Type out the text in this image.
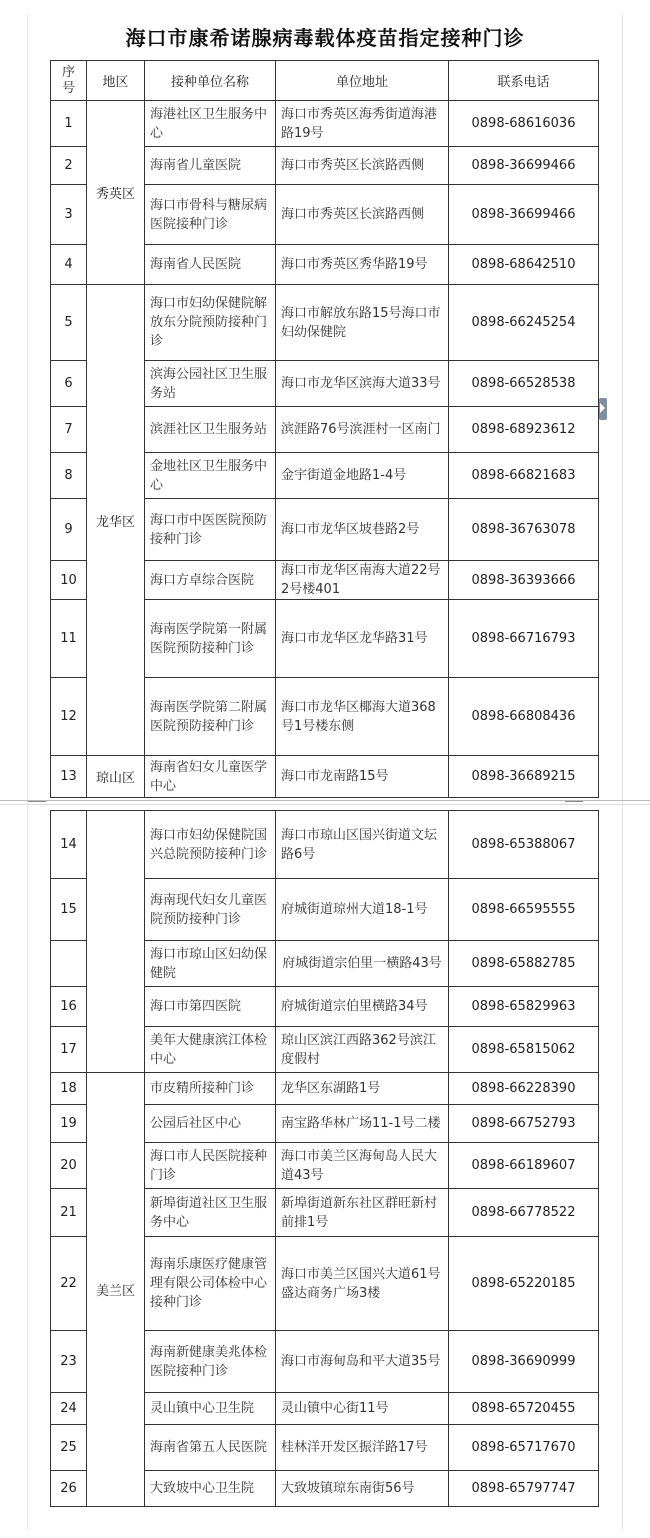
海口市康希诺腺病毒载体疫苗指定接种门诊
序号	地区	接种单位名称	单位地址	联系电话
1	秀英区	海港社区卫生服务中心	海口市秀英区海秀街道海港路19号	0898-68616036
2		海南省儿童医院	海口市秀英区长滨路西侧	0898-36699466
3		海口市骨科与糖尿病医院接种门诊	海口市秀英区长滨路西侧	0898-36699466
4		海南省人民医院	海口市秀英区秀华路19号	0898-68642510
5	龙华区	海口市妇幼保健院解放东分院预防接种门诊	海口市解放东路15号海口市妇幼保健院	0898-66245254
6		滨海公园社区卫生服务站	海口市龙华区滨海大道33号	0898-66528538
7		滨涯社区卫生服务站	滨涯路76号滨涯村一区南门	0898-68923612
8		金地社区卫生服务中心	金宇街道金地路1-4号	0898-66821683
9		海口市中医医院预防接种门诊	海口市龙华区坡巷路2号	0898-36763078
10		海口方卓综合医院	海口市龙华区南海大道22号2号楼401	0898-36393666
11		海南医学院第一附属医院预防接种门诊	海口市龙华区龙华路31号	0898-66716793
12		海南医学院第二附属医院预防接种门诊	海口市龙华区椰海大道368号1号楼东侧	0898-66808436
13	琼山区	海南省妇女儿童医学中心	海口市龙南路15号	0898-36689215
14		海口市妇幼保健院国兴总院预防接种门诊	海口市琼山区国兴街道文坛路6号	0898-65388067
15		海南现代妇女儿童医院预防接种门诊	府城街道琼州大道18-1号	0898-66595555
		海口市琼山区妇幼保健院	府城街道宗伯里一横路43号	0898-65882785
16		海口市第四医院	府城街道宗伯里横路34号	0898-65829963
17		美年大健康滨江体检中心	琼山区滨江西路362号滨江度假村	0898-65815062
18	美兰区	市皮精所接种门诊	龙华区东湖路1号	0898-66228390
19		公园后社区中心	南宝路华林广场11-1号二楼	0898-66752793
20		海口市人民医院接种门诊	海口市美兰区海甸岛人民大道43号	0898-66189607
21		新埠街道社区卫生服务中心	新埠街道新东社区群旺新村前排1号	0898-66778522
22		海南乐康医疗健康管理有限公司体检中心接种门诊	海口市美兰区国兴大道61号盛达商务广场3楼	0898-65220185
23		海南新健康美兆体检医院接种门诊	海口市海甸岛和平大道35号	0898-36690999
24		灵山镇中心卫生院	灵山镇中心街11号	0898-65720455
25		海南省第五人民医院	桂林洋开发区振洋路17号	0898-65717670
26		大致坡中心卫生院	大致坡镇琼东南街56号	0898-65797747
